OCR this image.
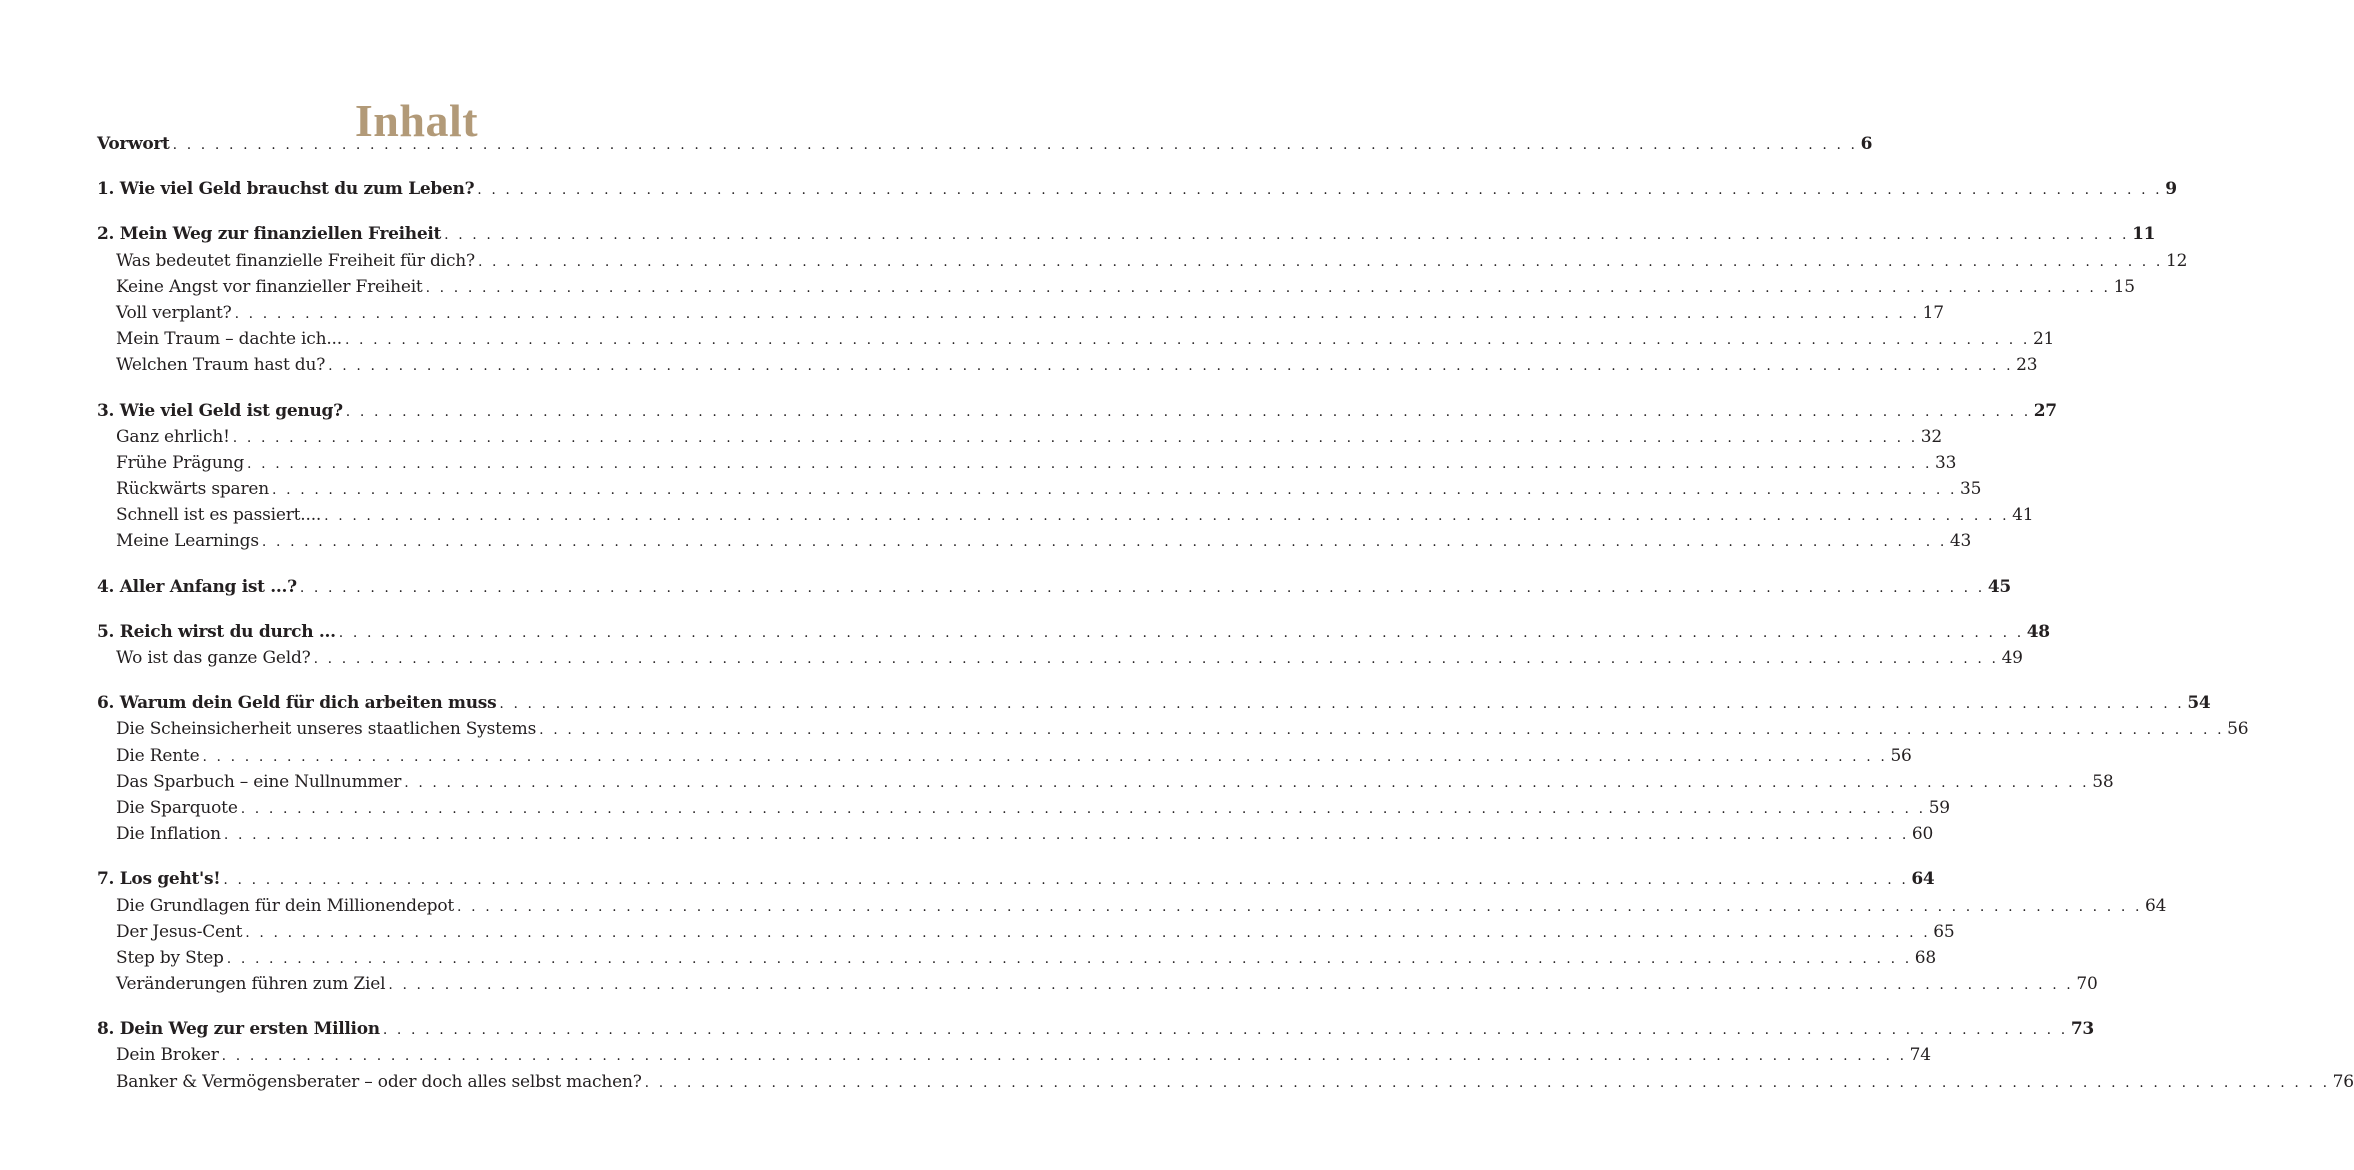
Inhalt
Vorwort . . . . . . . . . . . . . . . . . . . . . . . . . . . . . . . . . . . . . . . . . . . . . . . . . . . . . . . . . . . . . . . . . . . . . . . . . . . . . . . . . . . . . . . . . . . . . . . . . . . . . . . . . . . . . . . . . . . . . . . . 6
1. Wie viel Geld brauchst du zum Leben? . . . . . . . . . . . . . . . . . . . . . . . . . . . . . . . . . . . . . . . . . . . . . . . . . . . . . . . . . . . . . . . . . . . . . . . . . . . . . . . . . . . . . . . . . . . . . . . . . . . . . . . . . . . . . . . . . . . . . . . . 9
2. Mein Weg zur finanziellen Freiheit . . . . . . . . . . . . . . . . . . . . . . . . . . . . . . . . . . . . . . . . . . . . . . . . . . . . . . . . . . . . . . . . . . . . . . . . . . . . . . . . . . . . . . . . . . . . . . . . . . . . . . . . . . . . . . . . . . . . . . . . 11
Was bedeutet finanzielle Freiheit für dich? . . . . . . . . . . . . . . . . . . . . . . . . . . . . . . . . . . . . . . . . . . . . . . . . . . . . . . . . . . . . . . . . . . . . . . . . . . . . . . . . . . . . . . . . . . . . . . . . . . . . . . . . . . . . . . . . . . . . . . . . 12
Keine Angst vor finanzieller Freiheit . . . . . . . . . . . . . . . . . . . . . . . . . . . . . . . . . . . . . . . . . . . . . . . . . . . . . . . . . . . . . . . . . . . . . . . . . . . . . . . . . . . . . . . . . . . . . . . . . . . . . . . . . . . . . . . . . . . . . . . . 15
Voll verplant? . . . . . . . . . . . . . . . . . . . . . . . . . . . . . . . . . . . . . . . . . . . . . . . . . . . . . . . . . . . . . . . . . . . . . . . . . . . . . . . . . . . . . . . . . . . . . . . . . . . . . . . . . . . . . . . . . . . . . . . . 17
Mein Traum – dachte ich... . . . . . . . . . . . . . . . . . . . . . . . . . . . . . . . . . . . . . . . . . . . . . . . . . . . . . . . . . . . . . . . . . . . . . . . . . . . . . . . . . . . . . . . . . . . . . . . . . . . . . . . . . . . . . . . . . . . . . . . . 21
Welchen Traum hast du? . . . . . . . . . . . . . . . . . . . . . . . . . . . . . . . . . . . . . . . . . . . . . . . . . . . . . . . . . . . . . . . . . . . . . . . . . . . . . . . . . . . . . . . . . . . . . . . . . . . . . . . . . . . . . . . . . . . . . . . . 23
3. Wie viel Geld ist genug? . . . . . . . . . . . . . . . . . . . . . . . . . . . . . . . . . . . . . . . . . . . . . . . . . . . . . . . . . . . . . . . . . . . . . . . . . . . . . . . . . . . . . . . . . . . . . . . . . . . . . . . . . . . . . . . . . . . . . . . . 27
Ganz ehrlich! . . . . . . . . . . . . . . . . . . . . . . . . . . . . . . . . . . . . . . . . . . . . . . . . . . . . . . . . . . . . . . . . . . . . . . . . . . . . . . . . . . . . . . . . . . . . . . . . . . . . . . . . . . . . . . . . . . . . . . . . 32
Frühe Prägung . . . . . . . . . . . . . . . . . . . . . . . . . . . . . . . . . . . . . . . . . . . . . . . . . . . . . . . . . . . . . . . . . . . . . . . . . . . . . . . . . . . . . . . . . . . . . . . . . . . . . . . . . . . . . . . . . . . . . . . . 33
Rückwärts sparen . . . . . . . . . . . . . . . . . . . . . . . . . . . . . . . . . . . . . . . . . . . . . . . . . . . . . . . . . . . . . . . . . . . . . . . . . . . . . . . . . . . . . . . . . . . . . . . . . . . . . . . . . . . . . . . . . . . . . . . . 35
Schnell ist es passiert.... . . . . . . . . . . . . . . . . . . . . . . . . . . . . . . . . . . . . . . . . . . . . . . . . . . . . . . . . . . . . . . . . . . . . . . . . . . . . . . . . . . . . . . . . . . . . . . . . . . . . . . . . . . . . . . . . . . . . . . . . 41
Meine Learnings . . . . . . . . . . . . . . . . . . . . . . . . . . . . . . . . . . . . . . . . . . . . . . . . . . . . . . . . . . . . . . . . . . . . . . . . . . . . . . . . . . . . . . . . . . . . . . . . . . . . . . . . . . . . . . . . . . . . . . . . 43
4. Aller Anfang ist ...? . . . . . . . . . . . . . . . . . . . . . . . . . . . . . . . . . . . . . . . . . . . . . . . . . . . . . . . . . . . . . . . . . . . . . . . . . . . . . . . . . . . . . . . . . . . . . . . . . . . . . . . . . . . . . . . . . . . . . . . . 45
5. Reich wirst du durch ... . . . . . . . . . . . . . . . . . . . . . . . . . . . . . . . . . . . . . . . . . . . . . . . . . . . . . . . . . . . . . . . . . . . . . . . . . . . . . . . . . . . . . . . . . . . . . . . . . . . . . . . . . . . . . . . . . . . . . . . . 48
Wo ist das ganze Geld? . . . . . . . . . . . . . . . . . . . . . . . . . . . . . . . . . . . . . . . . . . . . . . . . . . . . . . . . . . . . . . . . . . . . . . . . . . . . . . . . . . . . . . . . . . . . . . . . . . . . . . . . . . . . . . . . . . . . . . . . 49
6. Warum dein Geld für dich arbeiten muss . . . . . . . . . . . . . . . . . . . . . . . . . . . . . . . . . . . . . . . . . . . . . . . . . . . . . . . . . . . . . . . . . . . . . . . . . . . . . . . . . . . . . . . . . . . . . . . . . . . . . . . . . . . . . . . . . . . . . . . . 54
Die Scheinsicherheit unseres staatlichen Systems . . . . . . . . . . . . . . . . . . . . . . . . . . . . . . . . . . . . . . . . . . . . . . . . . . . . . . . . . . . . . . . . . . . . . . . . . . . . . . . . . . . . . . . . . . . . . . . . . . . . . . . . . . . . . . . . . . . . . . . . 56
Die Rente . . . . . . . . . . . . . . . . . . . . . . . . . . . . . . . . . . . . . . . . . . . . . . . . . . . . . . . . . . . . . . . . . . . . . . . . . . . . . . . . . . . . . . . . . . . . . . . . . . . . . . . . . . . . . . . . . . . . . . . . 56
Das Sparbuch – eine Nullnummer . . . . . . . . . . . . . . . . . . . . . . . . . . . . . . . . . . . . . . . . . . . . . . . . . . . . . . . . . . . . . . . . . . . . . . . . . . . . . . . . . . . . . . . . . . . . . . . . . . . . . . . . . . . . . . . . . . . . . . . . 58
Die Sparquote . . . . . . . . . . . . . . . . . . . . . . . . . . . . . . . . . . . . . . . . . . . . . . . . . . . . . . . . . . . . . . . . . . . . . . . . . . . . . . . . . . . . . . . . . . . . . . . . . . . . . . . . . . . . . . . . . . . . . . . . 59
Die Inflation . . . . . . . . . . . . . . . . . . . . . . . . . . . . . . . . . . . . . . . . . . . . . . . . . . . . . . . . . . . . . . . . . . . . . . . . . . . . . . . . . . . . . . . . . . . . . . . . . . . . . . . . . . . . . . . . . . . . . . . . 60
7. Los geht's! . . . . . . . . . . . . . . . . . . . . . . . . . . . . . . . . . . . . . . . . . . . . . . . . . . . . . . . . . . . . . . . . . . . . . . . . . . . . . . . . . . . . . . . . . . . . . . . . . . . . . . . . . . . . . . . . . . . . . . . . 64
Die Grundlagen für dein Millionendepot . . . . . . . . . . . . . . . . . . . . . . . . . . . . . . . . . . . . . . . . . . . . . . . . . . . . . . . . . . . . . . . . . . . . . . . . . . . . . . . . . . . . . . . . . . . . . . . . . . . . . . . . . . . . . . . . . . . . . . . . 64
Der Jesus-Cent . . . . . . . . . . . . . . . . . . . . . . . . . . . . . . . . . . . . . . . . . . . . . . . . . . . . . . . . . . . . . . . . . . . . . . . . . . . . . . . . . . . . . . . . . . . . . . . . . . . . . . . . . . . . . . . . . . . . . . . . 65
Step by Step . . . . . . . . . . . . . . . . . . . . . . . . . . . . . . . . . . . . . . . . . . . . . . . . . . . . . . . . . . . . . . . . . . . . . . . . . . . . . . . . . . . . . . . . . . . . . . . . . . . . . . . . . . . . . . . . . . . . . . . . 68
Veränderungen führen zum Ziel . . . . . . . . . . . . . . . . . . . . . . . . . . . . . . . . . . . . . . . . . . . . . . . . . . . . . . . . . . . . . . . . . . . . . . . . . . . . . . . . . . . . . . . . . . . . . . . . . . . . . . . . . . . . . . . . . . . . . . . . 70
8. Dein Weg zur ersten Million . . . . . . . . . . . . . . . . . . . . . . . . . . . . . . . . . . . . . . . . . . . . . . . . . . . . . . . . . . . . . . . . . . . . . . . . . . . . . . . . . . . . . . . . . . . . . . . . . . . . . . . . . . . . . . . . . . . . . . . . 73
Dein Broker . . . . . . . . . . . . . . . . . . . . . . . . . . . . . . . . . . . . . . . . . . . . . . . . . . . . . . . . . . . . . . . . . . . . . . . . . . . . . . . . . . . . . . . . . . . . . . . . . . . . . . . . . . . . . . . . . . . . . . . . 74
Banker & Vermögensberater – oder doch alles selbst machen? . . . . . . . . . . . . . . . . . . . . . . . . . . . . . . . . . . . . . . . . . . . . . . . . . . . . . . . . . . . . . . . . . . . . . . . . . . . . . . . . . . . . . . . . . . . . . . . . . . . . . . . . . . . . . . . . . . . . . . . . 76
